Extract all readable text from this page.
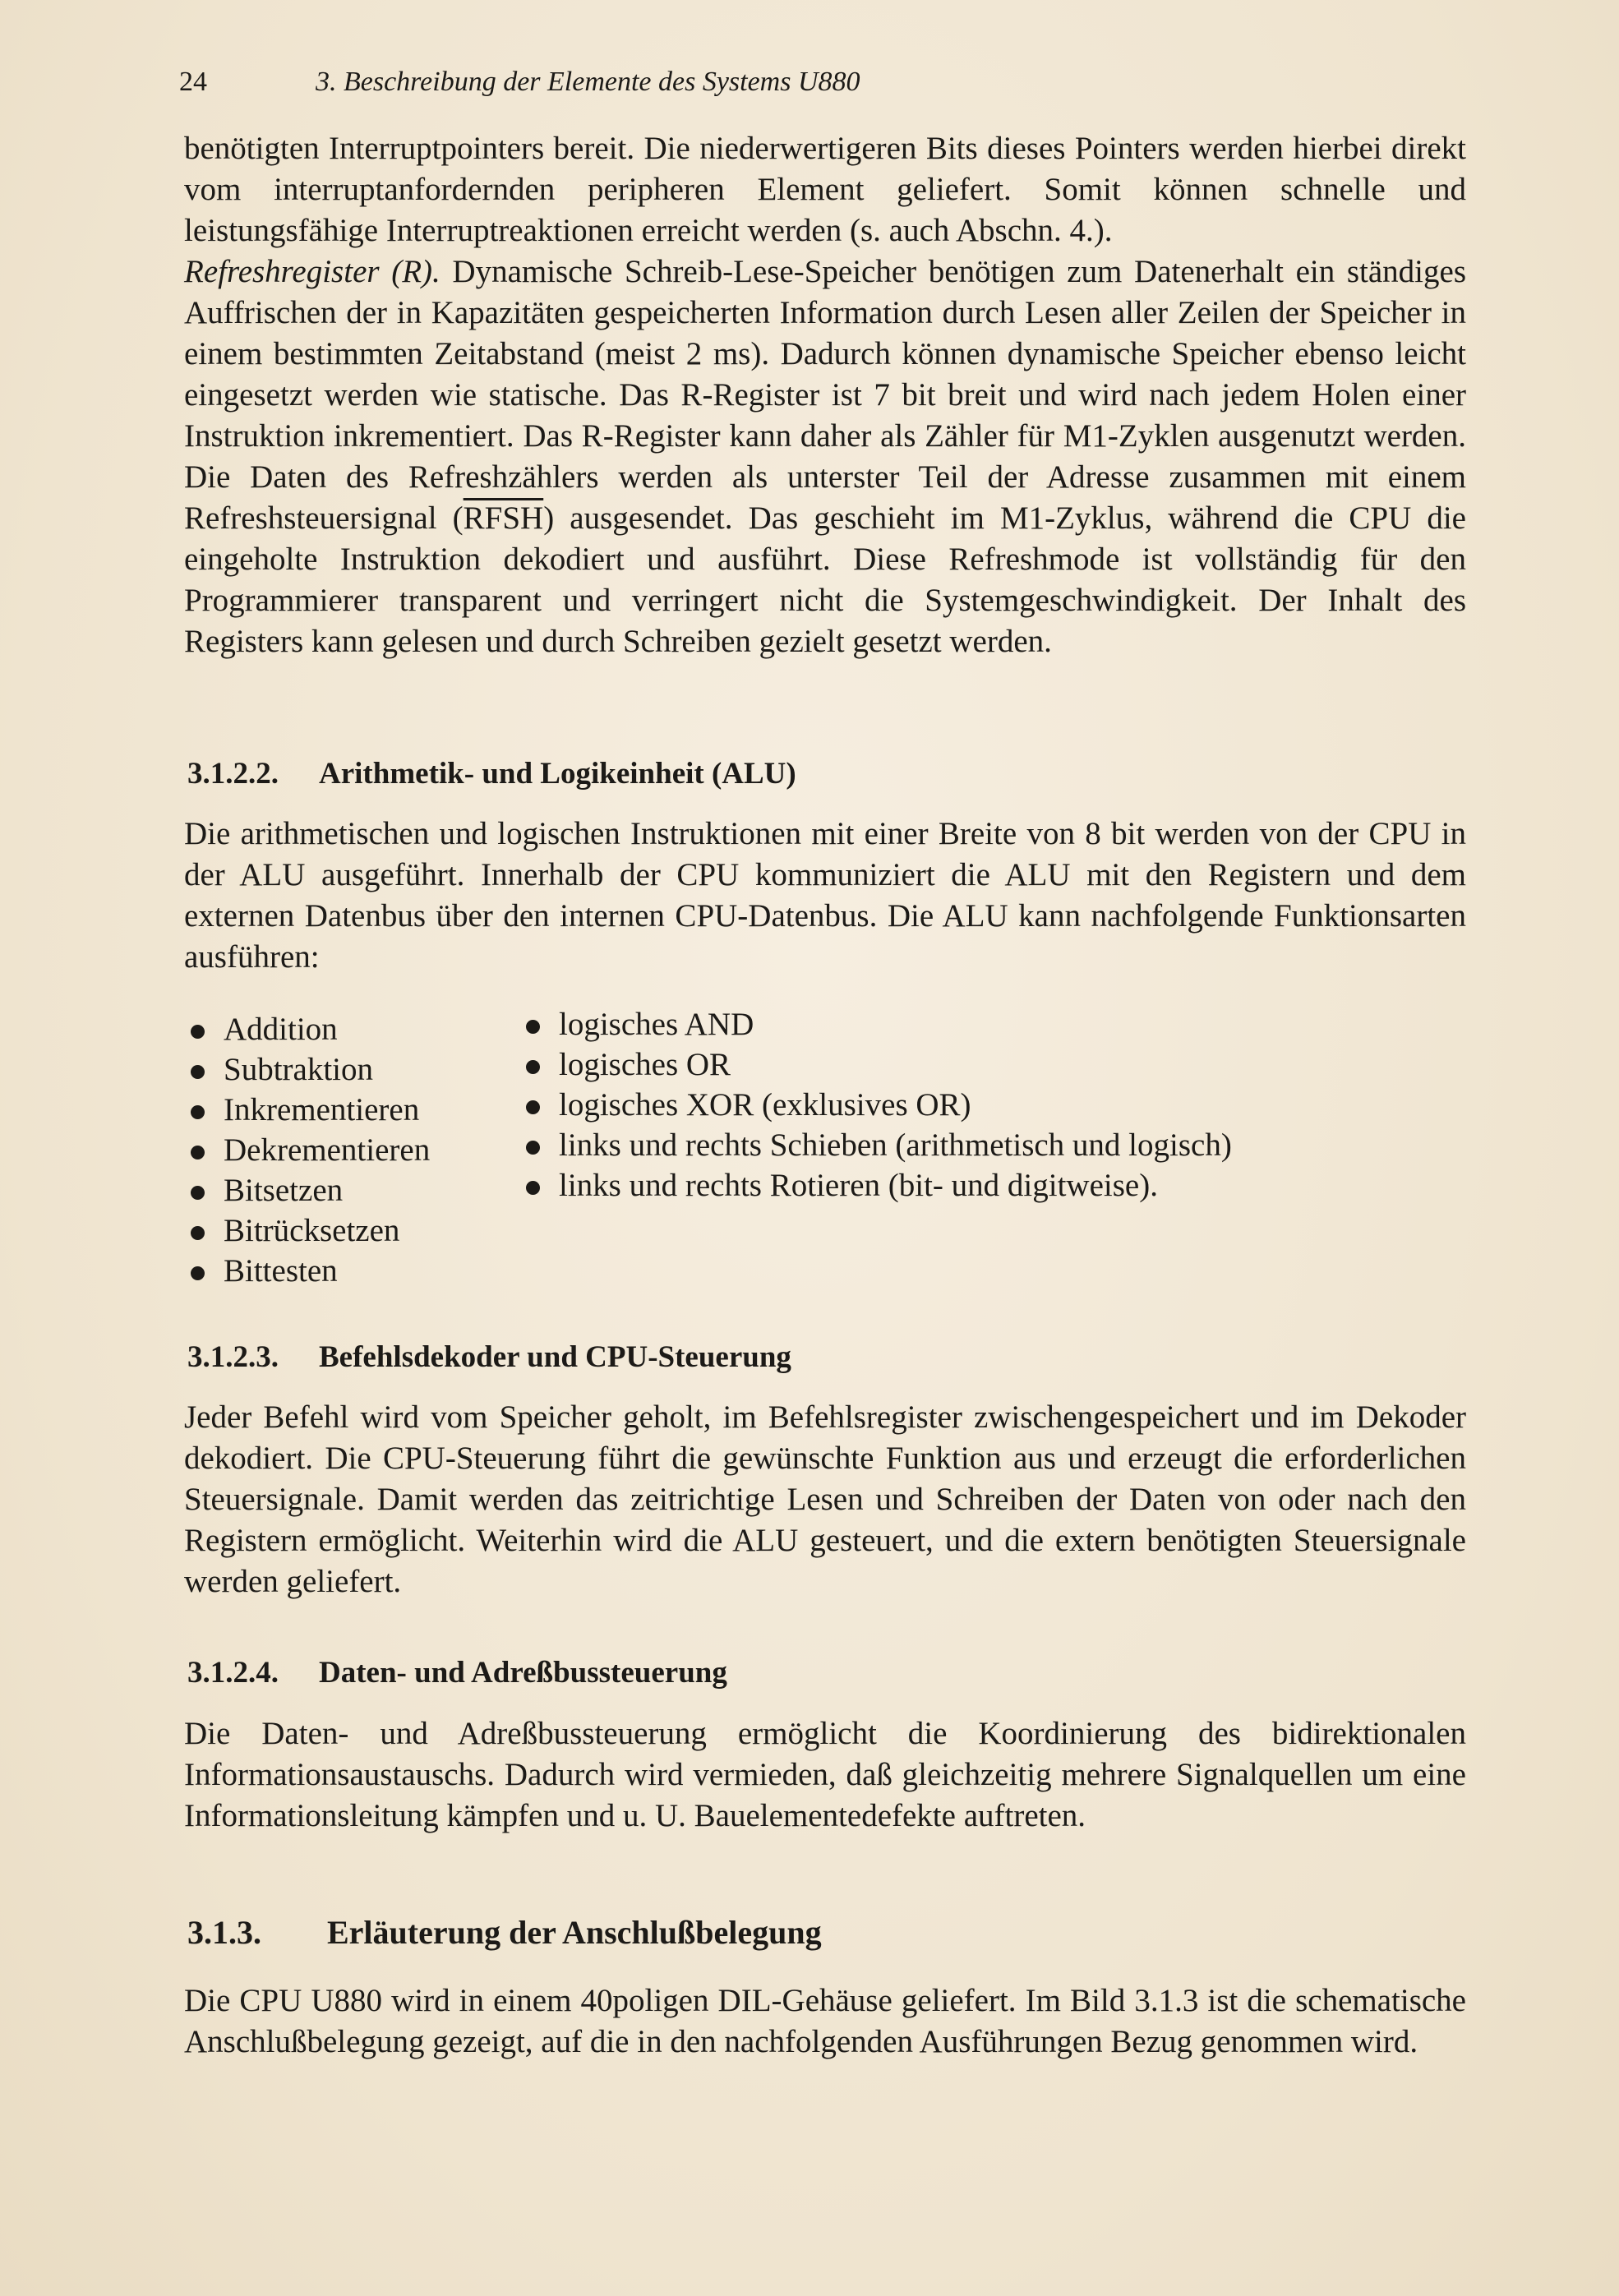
24	3. Beschreibung der Elemente des Systems U880
benötigten Interruptpointers bereit. Die niederwertigeren Bits dieses Pointers werden hierbei direkt vom interruptanfordernden peripheren Element geliefert. Somit können schnelle und leistungsfähige Interruptreaktionen erreicht werden (s. auch Abschn. 4.).
Refreshregister (R). Dynamische Schreib-Lese-Speicher benötigen zum Datenerhalt ein ständiges Auffrischen der in Kapazitäten gespeicherten Information durch Lesen aller Zeilen der Speicher in einem bestimmten Zeitabstand (meist 2 ms). Dadurch können dynamische Speicher ebenso leicht eingesetzt werden wie statische. Das R-Register ist 7 bit breit und wird nach jedem Holen einer Instruktion inkrementiert. Das R-Register kann daher als Zähler für M1-Zyklen ausgenutzt werden. Die Daten des Refreshzählers werden als unterster Teil der Adresse zusammen mit einem Refreshsteuersignal (RFSH) ausgesendet. Das geschieht im M1-Zyklus, während die CPU die eingeholte Instruktion dekodiert und ausführt. Diese Refreshmode ist vollständig für den Programmierer transparent und verringert nicht die Systemgeschwindigkeit. Der Inhalt des Registers kann gelesen und durch Schreiben gezielt gesetzt werden.
3.1.2.2. Arithmetik- und Logikeinheit (ALU)
Die arithmetischen und logischen Instruktionen mit einer Breite von 8 bit werden von der CPU in der ALU ausgeführt. Innerhalb der CPU kommuniziert die ALU mit den Registern und dem externen Datenbus über den internen CPU-Datenbus. Die ALU kann nachfolgende Funktionsarten ausführen:
Addition
Subtraktion
Inkrementieren
Dekrementieren
Bitsetzen
Bitrücksetzen
Bittesten
logisches AND
logisches OR
logisches XOR (exklusives OR)
links und rechts Schieben (arithmetisch und logisch)
links und rechts Rotieren (bit- und digitweise).
3.1.2.3. Befehlsdekoder und CPU-Steuerung
Jeder Befehl wird vom Speicher geholt, im Befehlsregister zwischengespeichert und im Dekoder dekodiert. Die CPU-Steuerung führt die gewünschte Funktion aus und erzeugt die erforderlichen Steuersignale. Damit werden das zeitrichtige Lesen und Schreiben der Daten von oder nach den Registern ermöglicht. Weiterhin wird die ALU gesteuert, und die extern benötigten Steuersignale werden geliefert.
3.1.2.4. Daten- und Adreßbussteuerung
Die Daten- und Adreßbussteuerung ermöglicht die Koordinierung des bidirektionalen Informationsaustauschs. Dadurch wird vermieden, daß gleichzeitig mehrere Signalquellen um eine Informationsleitung kämpfen und u. U. Bauelementedefekte auftreten.
3.1.3. Erläuterung der Anschlußbelegung
Die CPU U880 wird in einem 40poligen DIL-Gehäuse geliefert. Im Bild 3.1.3 ist die schematische Anschlußbelegung gezeigt, auf die in den nachfolgenden Ausführungen Bezug genommen wird.
